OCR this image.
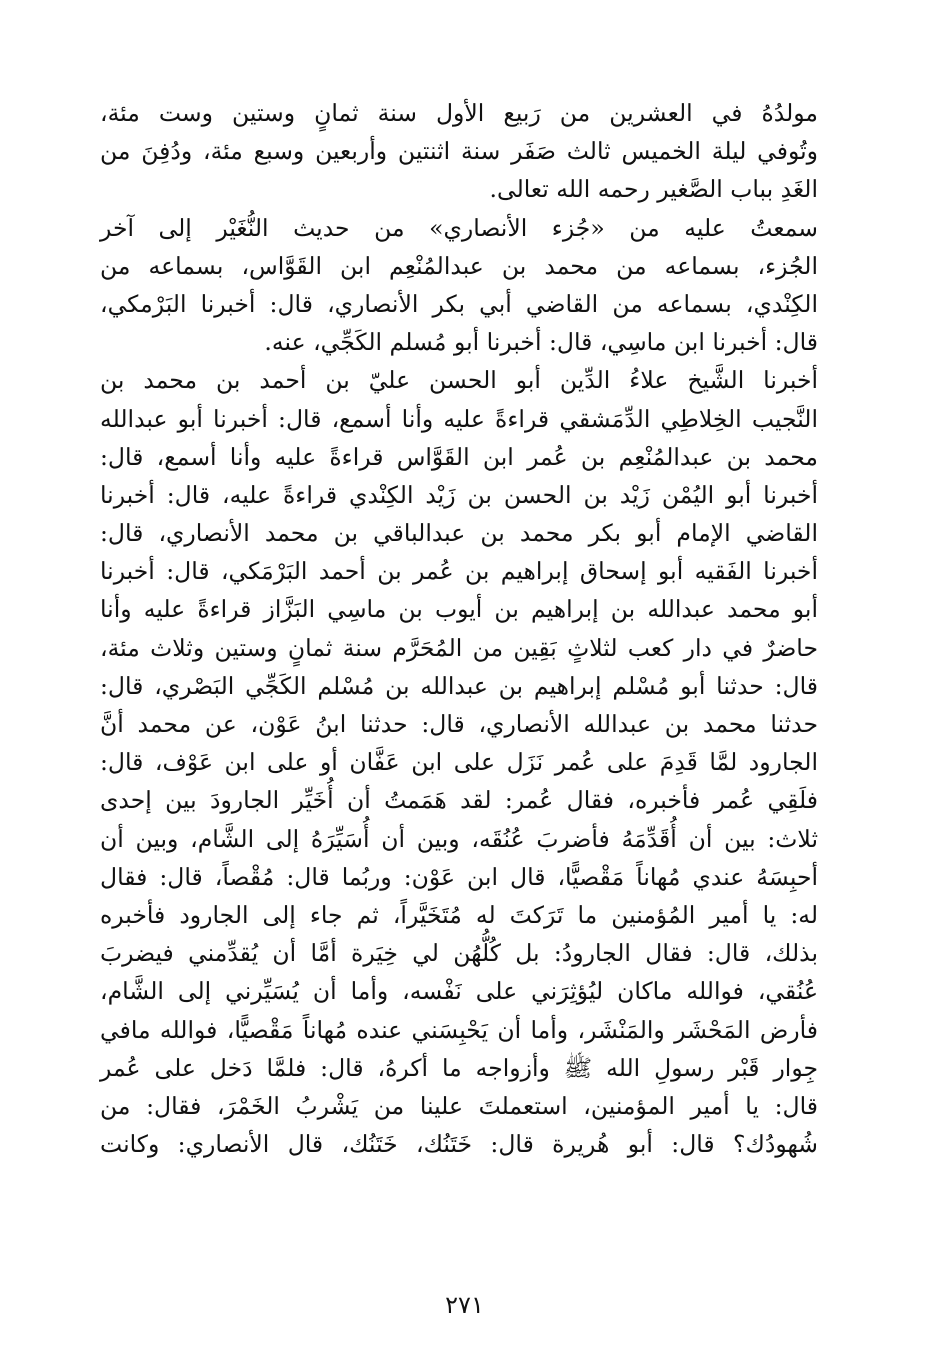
مولدُهُ في العشرين من رَبيع الأول سنة ثمانٍ وستين وست مئة،
وتُوفي ليلة الخميس ثالث صَفَر سنة اثنتين وأربعين وسبع مئة، ودُفِنَ من
الغَدِ بباب الصَّغير رحمه الله تعالى.
سمعتُ عليه من «جُزء الأنصاري» من حديث النُّغَيْر إلى آخر
الجُزء، بسماعه من محمد بن عبدالمُنْعِم ابن القَوَّاس، بسماعه من
الكِنْدي، بسماعه من القاضي أبي بكر الأنصاري، قال: أخبرنا البَرْمكي،
قال: أخبرنا ابن ماسِي، قال: أخبرنا أبو مُسلم الكَجِّي، عنه.
أخبرنا الشَّيخ علاءُ الدِّين أبو الحسن عليّ بن أحمد بن محمد بن
النَّجيب الخِلاطِي الدِّمَشقي قراءةً عليه وأنا أسمع، قال: أخبرنا أبو عبدالله
محمد بن عبدالمُنْعِم بن عُمر ابن القَوَّاس قراءةً عليه وأنا أسمع، قال:
أخبرنا أبو اليُمْن زَيْد بن الحسن بن زَيْد الكِنْدي قراءةً عليه، قال: أخبرنا
القاضي الإمام أبو بكر محمد بن عبدالباقي بن محمد الأنصاري، قال:
أخبرنا الفَقيه أبو إسحاق إبراهيم بن عُمر بن أحمد البَرْمَكي، قال: أخبرنا
أبو محمد عبدالله بن إبراهيم بن أيوب بن ماسِي البَزَّاز قراءةً عليه وأنا
حاضرٌ في دار كعب لثلاثٍ بَقِين من المُحَرَّم سنة ثمانٍ وستين وثلاث مئة،
قال: حدثنا أبو مُسْلم إبراهيم بن عبدالله بن مُسْلم الكَجِّي البَصْري، قال:
حدثنا محمد بن عبدالله الأنصاري، قال: حدثنا ابنُ عَوْن، عن محمد أنَّ
الجارود لمَّا قَدِمَ على عُمر نَزَل على ابن عَفَّان أو على ابن عَوْف، قال:
فلَقِي عُمر فأخبره، فقال عُمر: لقد هَمَمتُ أن أُخَيِّر الجارودَ بين إحدى
ثلاث: بين أن أُقَدِّمَهُ فأضربَ عُنُقَه، وبين أن أُسَيِّرَهُ إلى الشَّام، وبين أن
أحبِسَهُ عندي مُهاناً مَقْصيًّا، قال ابن عَوْن: وربُما قال: مُقْصاً، قال: فقال
له: يا أمير المُؤمنين ما تَرَكتَ له مُتَخَيَّراً، ثم جاء إلى الجارود فأخبره
بذلك، قال: فقال الجارودُ: بل كُلُّهُن لي خِيَرة أمَّا أن يُقدِّمني فيضربَ
عُنُقي، فوالله ماكان ليُؤثِرَني على نَفْسه، وأما أن يُسَيِّرني إلى الشَّام،
فأرض المَحْشَر والمَنْشَر، وأما أن يَحْبِسَني عنده مُهاناً مَقْصيًّا، فوالله مافي
جِوار قَبْر رسولِ الله ﷺ وأزواجه ما أكرهُ، قال: فلمَّا دَخل على عُمر
قال: يا أمير المؤمنين، استعملتَ علينا من يَشْربُ الخَمْرَ، فقال: من
شُهودُك؟ قال: أبو هُريرة قال: خَتَنُك، خَتَنُك، قال الأنصاري: وكانت
٢٧١
